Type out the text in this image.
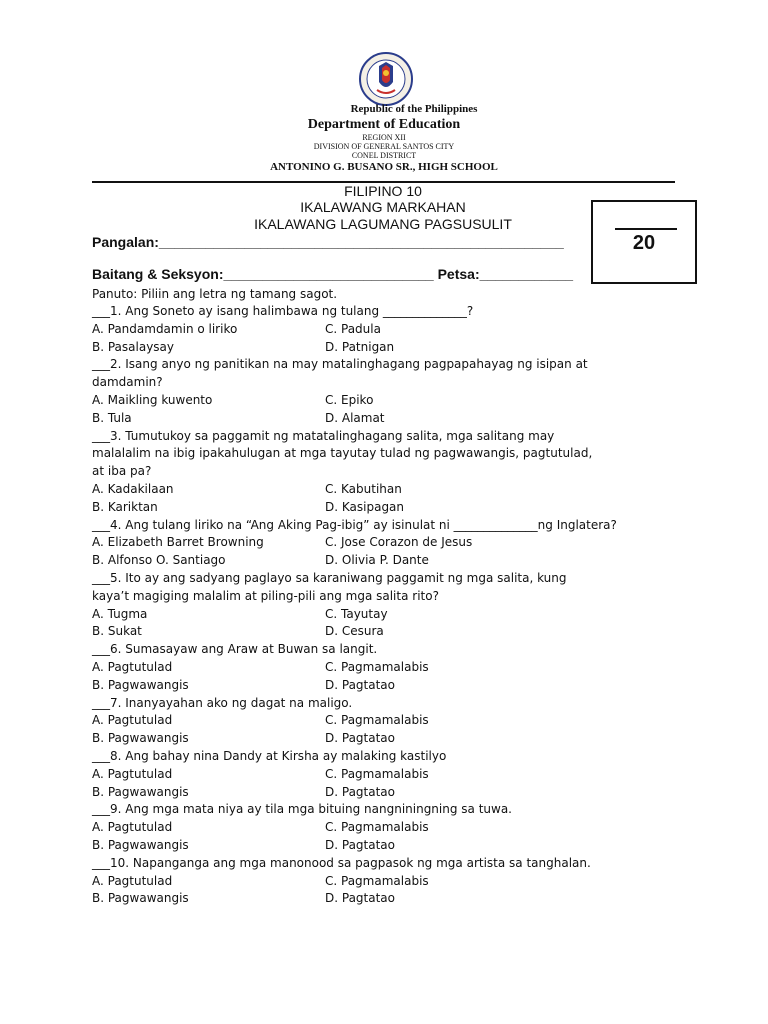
Republic of the Philippines
Department of Education
REGION XII
DIVISION OF GENERAL SANTOS CITY
CONEL DISTRICT
ANTONINO G. BUSANO SR., HIGH SCHOOL
FILIPINO 10
IKALAWANG MARKAHAN
IKALAWANG LAGUMANG PAGSUSULIT
20
Pangalan:____________________________________________________
Baitang & Seksyon:___________________________ Petsa:____________
Panuto: Piliin ang letra ng tamang sagot.
___1. Ang Soneto ay isang halimbawa ng tulang ______________?
A. Pandamdamin o liriko	C. Padula
B. Pasalaysay	D. Patnigan
___2. Isang anyo ng panitikan na may matalinghagang pagpapahayag ng isipan at
damdamin?
A. Maikling kuwento	C. Epiko
B. Tula	D. Alamat
___3. Tumutukoy sa paggamit ng matatalinghagang salita, mga salitang may
malalalim na ibig ipakahulugan at mga tayutay tulad ng pagwawangis, pagtutulad,
at iba pa?
A. Kadakilaan	C. Kabutihan
B. Kariktan	D. Kasipagan
___4. Ang tulang liriko na “Ang Aking Pag-ibig” ay isinulat ni ______________ng Inglatera?
A. Elizabeth Barret Browning	C. Jose Corazon de Jesus
B. Alfonso O. Santiago	D. Olivia P. Dante
___5. Ito ay ang sadyang paglayo sa karaniwang paggamit ng mga salita, kung
kaya’t magiging malalim at piling-pili ang mga salita rito?
A. Tugma	C. Tayutay
B. Sukat	D. Cesura
___6. Sumasayaw ang Araw at Buwan sa langit.
A. Pagtutulad	C. Pagmamalabis
B. Pagwawangis	D. Pagtatao
___7. Inanyayahan ako ng dagat na maligo.
A. Pagtutulad	C. Pagmamalabis
B. Pagwawangis	D. Pagtatao
___8. Ang bahay nina Dandy at Kirsha ay malaking kastilyo
A. Pagtutulad	C. Pagmamalabis
B. Pagwawangis	D. Pagtatao
___9. Ang mga mata niya ay tila mga bituing nangniningning sa tuwa.
A. Pagtutulad	C. Pagmamalabis
B. Pagwawangis	D. Pagtatao
___10. Napanganga ang mga manonood sa pagpasok ng mga artista sa tanghalan.
A. Pagtutulad	C. Pagmamalabis
B. Pagwawangis	D. Pagtatao
